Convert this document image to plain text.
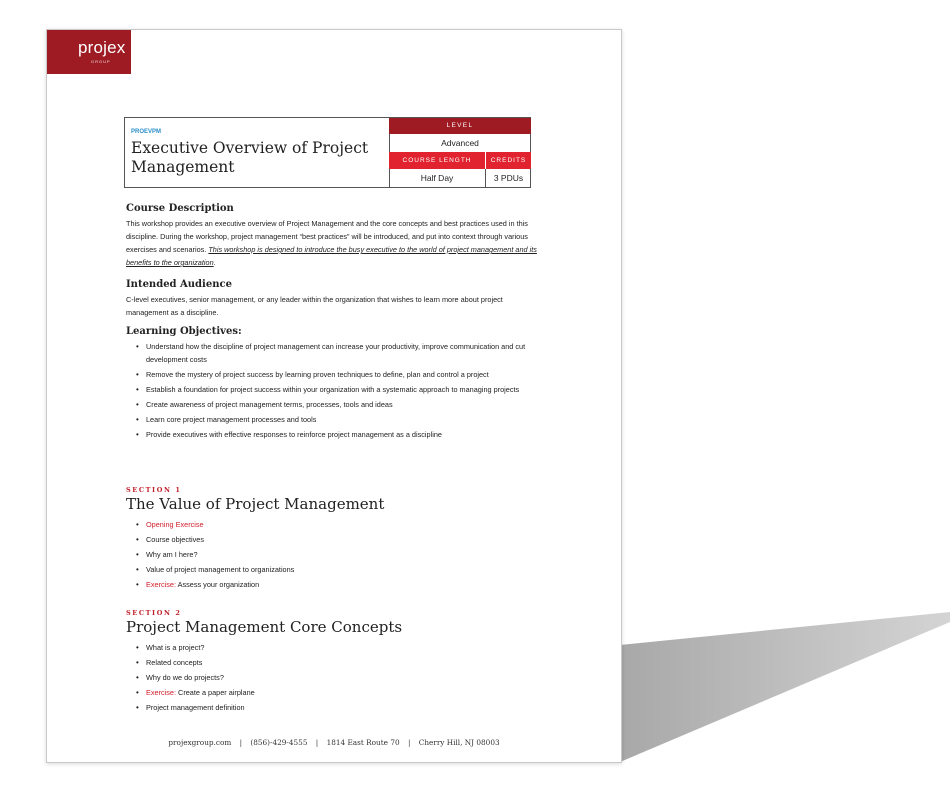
projex
GROUP
PROEVPM
Executive Overview of Project Management
LEVEL
Advanced
COURSE LENGTH	CREDITS
Half Day	3 PDUs
Course Description
This workshop provides an executive overview of Project Management and the core concepts and best practices used in this discipline. During the workshop, project management “best practices” will be introduced, and put into context through various exercises and scenarios. This workshop is designed to introduce the busy executive to the world of project management and its benefits to the organization.
Intended Audience
C-level executives, senior management, or any leader within the organization that wishes to learn more about project management as a discipline.
Learning Objectives:
• Understand how the discipline of project management can increase your productivity, improve communication and cut development costs
• Remove the mystery of project success by learning proven techniques to define, plan and control a project
• Establish a foundation for project success within your organization with a systematic approach to managing projects
• Create awareness of project management terms, processes, tools and ideas
• Learn core project management processes and tools
• Provide executives with effective responses to reinforce project management as a discipline
SECTION 1
The Value of Project Management
• Opening Exercise
• Course objectives
• Why am I here?
• Value of project management to organizations
• Exercise: Assess your organization
SECTION 2
Project Management Core Concepts
• What is a project?
• Related concepts
• Why do we do projects?
• Exercise: Create a paper airplane
• Project management definition
projexgroup.com | (856)-429-4555 | 1814 East Route 70 | Cherry Hill, NJ 08003
